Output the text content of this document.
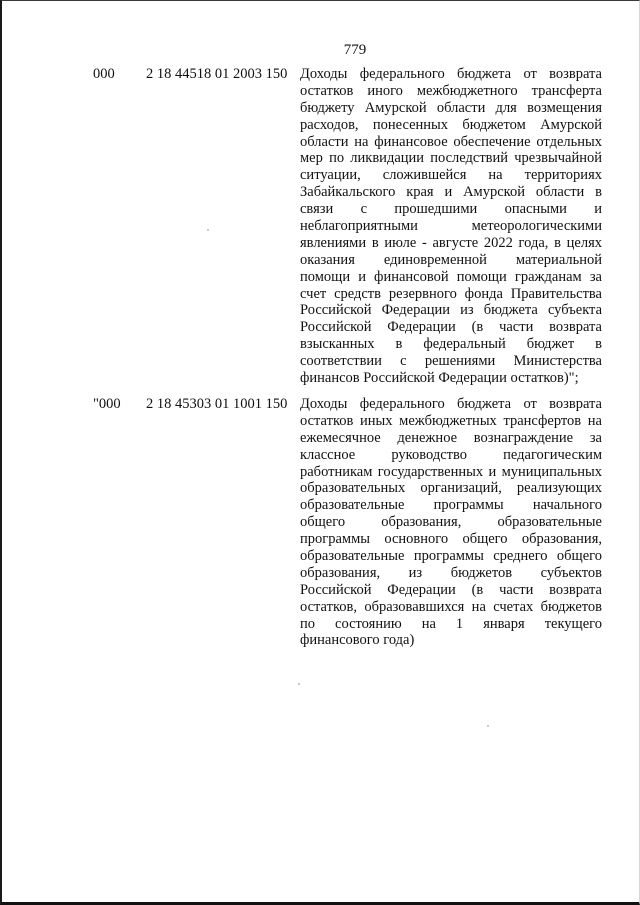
779
000 2 18 44518 01 2003 150 Доходы федерального бюджета от возврата
остатков иного межбюджетного трансферта
бюджету Амурской области для возмещения
расходов, понесенных бюджетом Амурской
области на финансовое обеспечение отдельных
мер по ликвидации последствий чрезвычайной
ситуации, сложившейся на территориях
Забайкальского края и Амурской области в
связи с прошедшими опасными и
неблагоприятными метеорологическими
явлениями в июле - августе 2022 года, в целях
оказания единовременной материальной
помощи и финансовой помощи гражданам за
счет средств резервного фонда Правительства
Российской Федерации из бюджета субъекта
Российской Федерации (в части возврата
взысканных в федеральный бюджет в
соответствии с решениями Министерства
финансов Российской Федерации остатков)";
"000 2 18 45303 01 1001 150 Доходы федерального бюджета от возврата
остатков иных межбюджетных трансфертов на
ежемесячное денежное вознаграждение за
классное руководство педагогическим
работникам государственных и муниципальных
образовательных организаций, реализующих
образовательные программы начального
общего образования, образовательные
программы основного общего образования,
образовательные программы среднего общего
образования, из бюджетов субъектов
Российской Федерации (в части возврата
остатков, образовавшихся на счетах бюджетов
по состоянию на 1 января текущего
финансового года)
